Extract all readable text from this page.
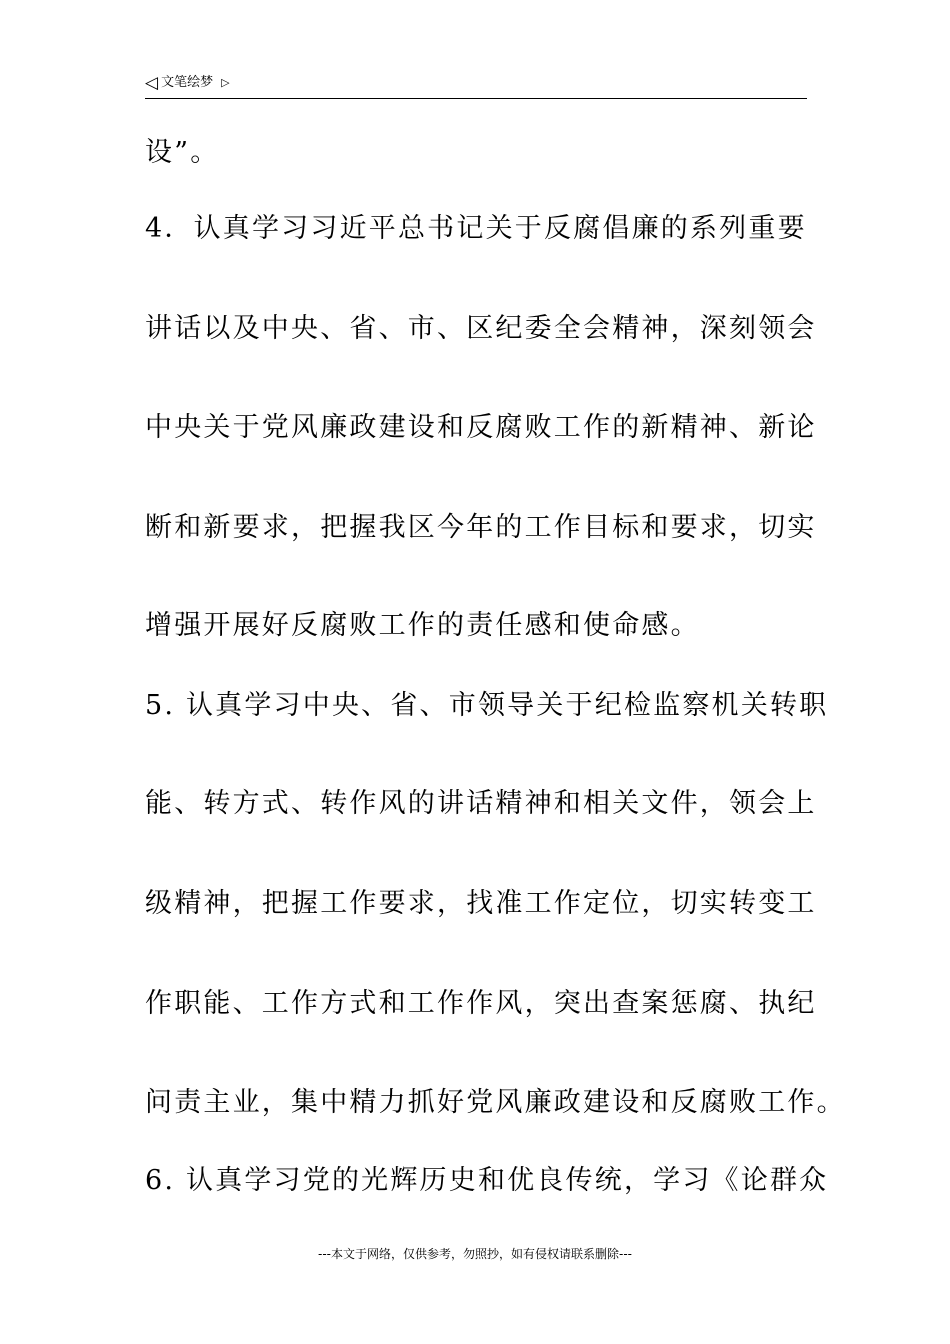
◁ 文笔绘梦 ▷
设”。
4．认真学习习近平总书记关于反腐倡廉的系列重要
讲话以及中央、省、市、区纪委全会精神，深刻领会
中央关于党风廉政建设和反腐败工作的新精神、新论
断和新要求，把握我区今年的工作目标和要求，切实
增强开展好反腐败工作的责任感和使命感。
5. 认真学习中央、省、市领导关于纪检监察机关转职
能、转方式、转作风的讲话精神和相关文件，领会上
级精神，把握工作要求，找准工作定位，切实转变工
作职能、工作方式和工作作风，突出查案惩腐、执纪
问责主业，集中精力抓好党风廉政建设和反腐败工作。
6. 认真学习党的光辉历史和优良传统，学习《论群众
---本文于网络，仅供参考，勿照抄，如有侵权请联系删除---
